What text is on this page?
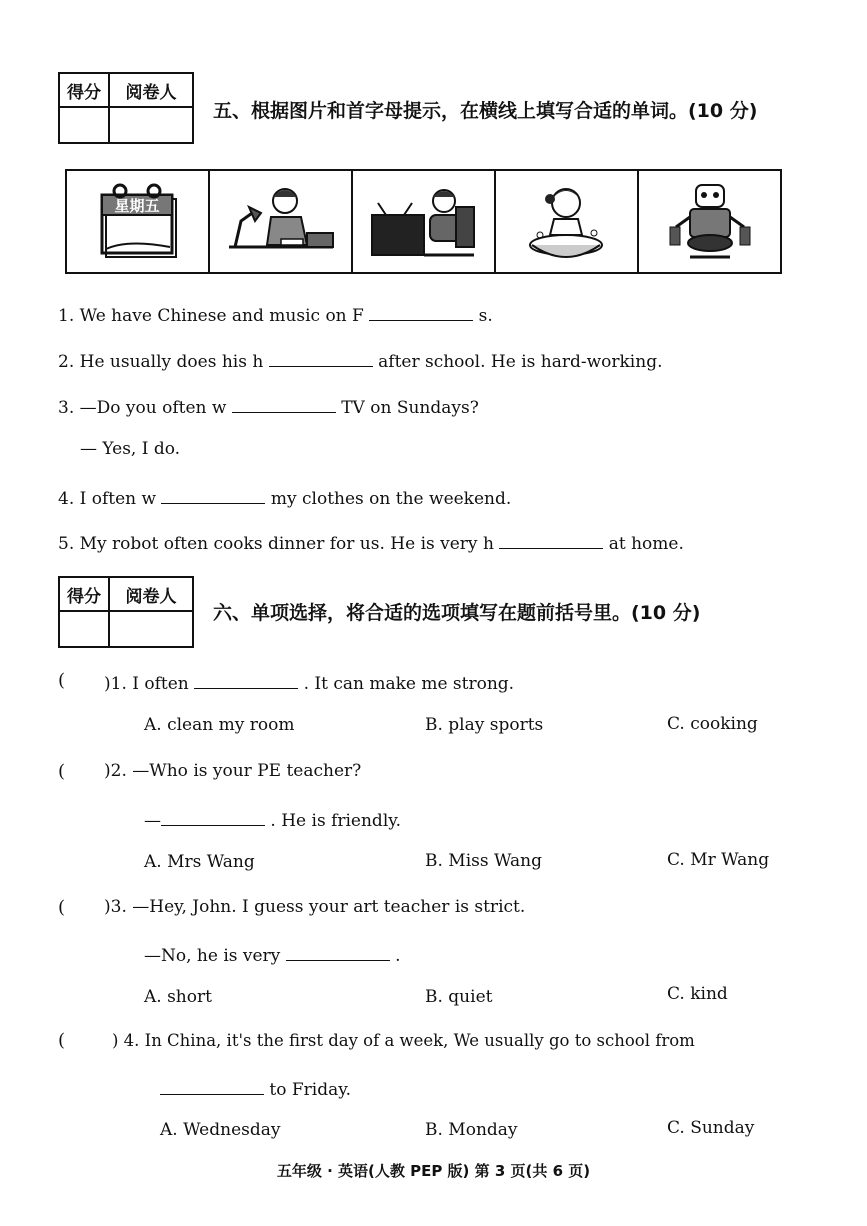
得分	阅卷人

五、根据图片和首字母提示，在横线上填写合适的单词。(10 分)
星期五
1. We have Chinese and music on F	s.
2. He usually does his h	after school. He is hard-working.
3. —Do you often w	TV on Sundays?
— Yes, I do.
4. I often w	my clothes on the weekend.
5. My robot often cooks dinner for us. He is very h	at home.
得分	阅卷人

六、单项选择，将合适的选项填写在题前括号里。(10 分)
( )1. I often	. It can make me strong.
A. clean my room	B. play sports	C. cooking
( )2. —Who is your PE teacher?
—	. He is friendly.
A. Mrs Wang	B. Miss Wang	C. Mr Wang
( )3. —Hey, John. I guess your art teacher is strict.
—No, he is very	.
A. short	B. quiet	C. kind
(	) 4. In China, it's the first day of a week, We usually go to school from
to Friday.
A. Wednesday	B. Monday	C. Sunday
五年级 · 英语(人教 PEP 版) 第 3 页(共 6 页)
